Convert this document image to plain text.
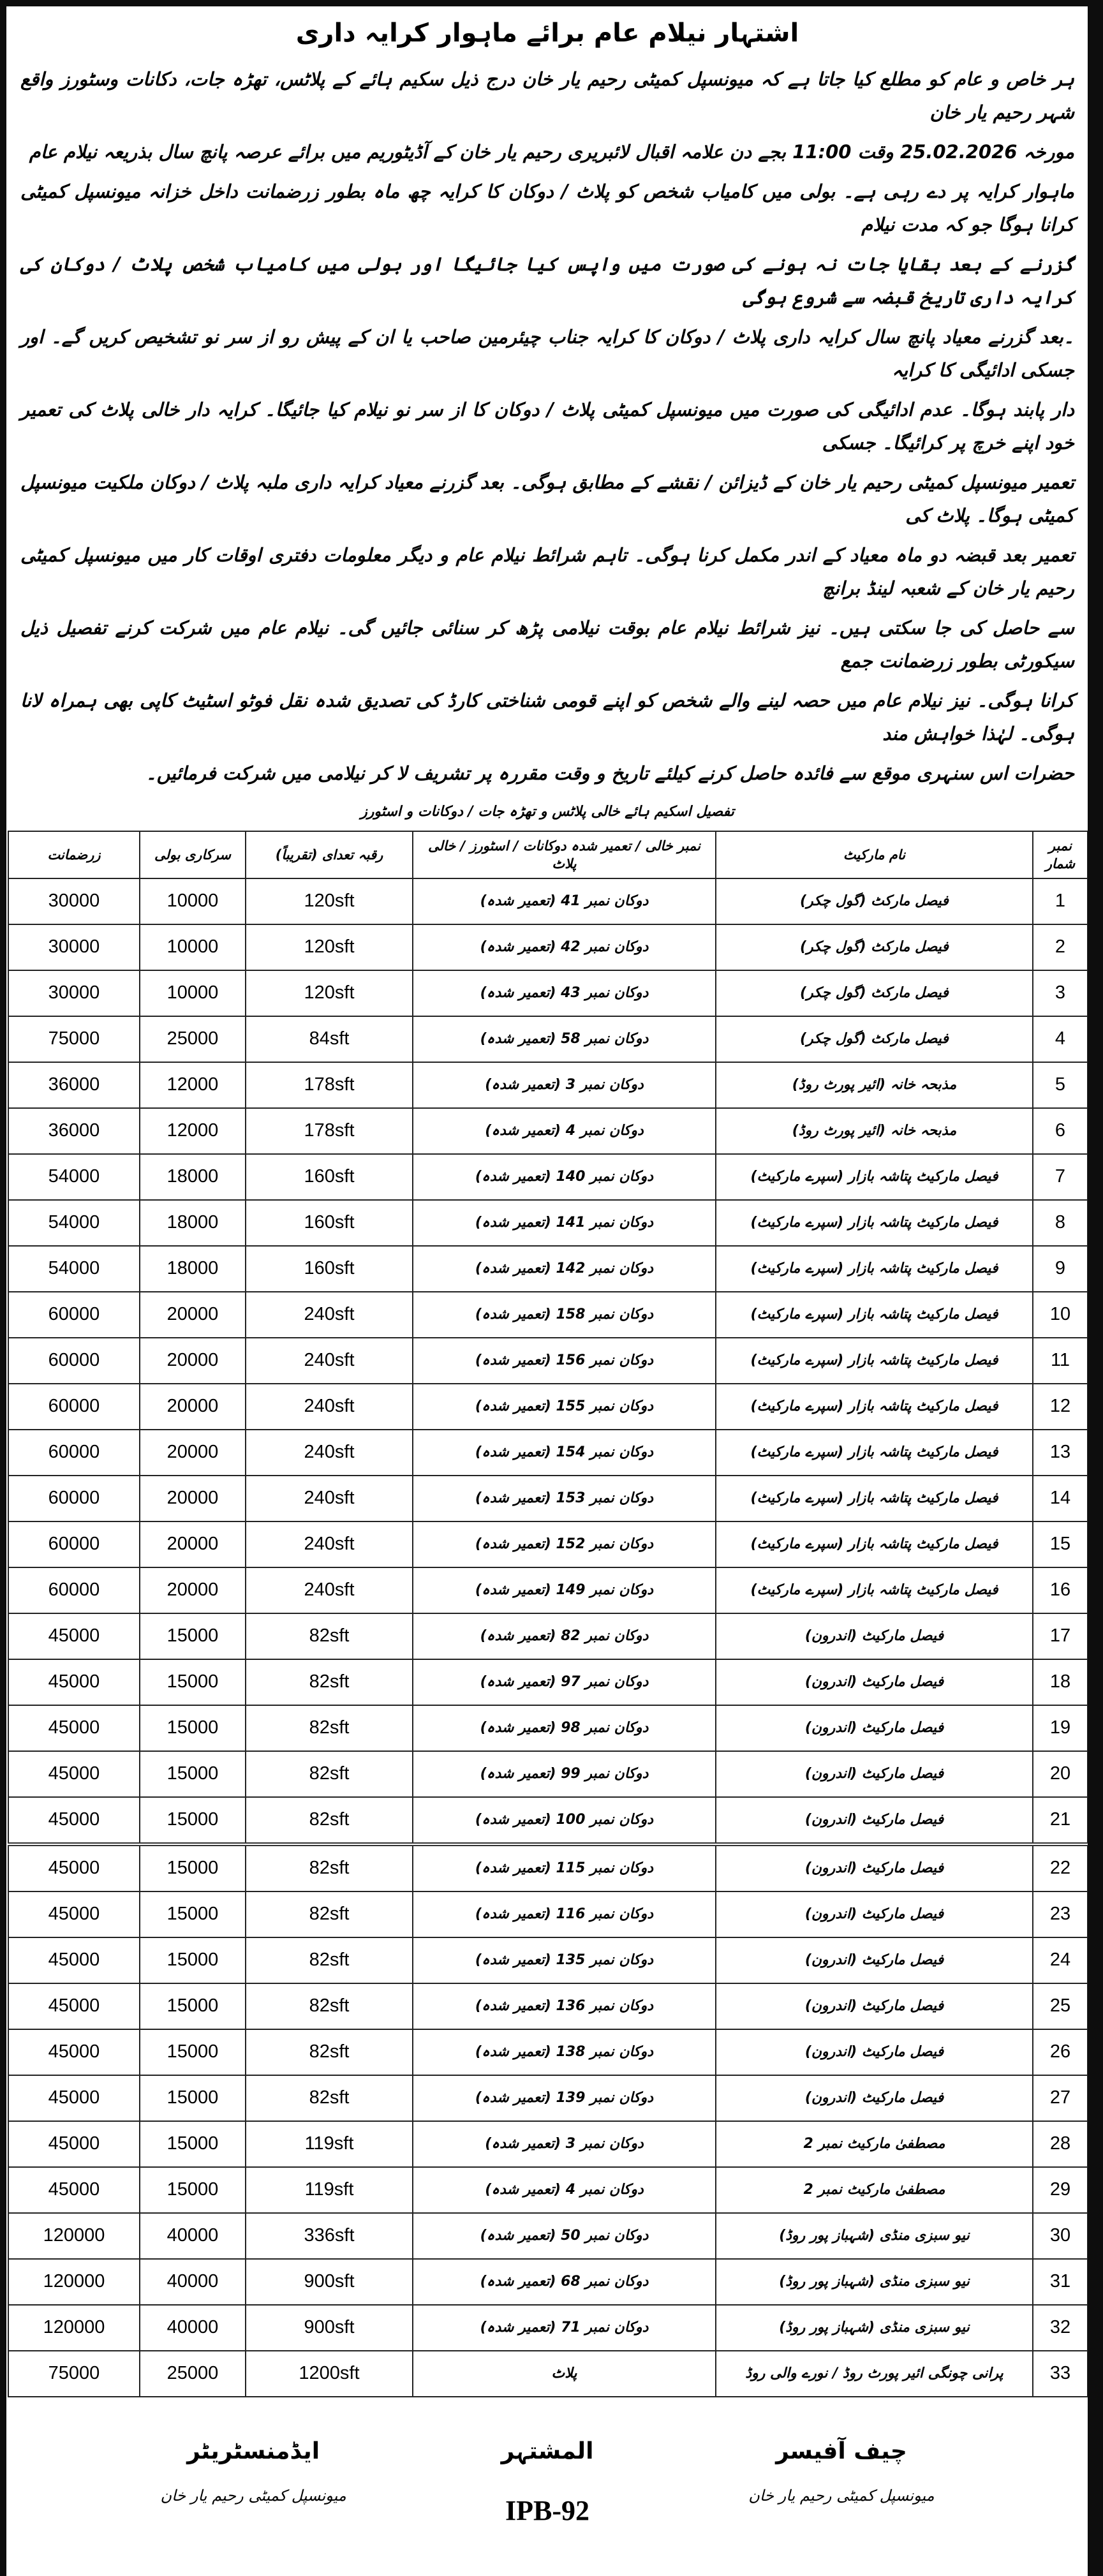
اشتہار نیلام عام برائے ماہوار کرایہ داری
ہر خاص و عام کو مطلع کیا جاتا ہے کہ میونسپل کمیٹی رحیم یار خان درج ذیل سکیم ہائے کے پلاٹس، تھڑہ جات، دکانات وسٹورز واقع شہر رحیم یار خان
مورخہ 25.02.2026 وقت 11:00 بجے دن علامہ اقبال لائبریری رحیم یار خان کے آڈیٹوریم میں برائے عرصہ پانچ سال بذریعہ نیلام عام
ماہوار کرایہ پر دے رہی ہے۔ بولی میں کامیاب شخص کو پلاٹ / دوکان کا کرایہ چھ ماہ بطور زرضمانت داخل خزانہ میونسپل کمیٹی کرانا ہوگا جو کہ مدت نیلام
گزرنے کے بعد بقایا جات نہ ہونے کی صورت میں واپس کیا جائیگا اور بولی میں کامیاب شخص پلاٹ / دوکان کی کرایہ داری تاریخ قبضہ سے شروع ہوگی
۔بعد گزرنے معیاد پانچ سال کرایہ داری پلاٹ / دوکان کا کرایہ جناب چیئرمین صاحب یا ان کے پیش رو از سر نو تشخیص کریں گے۔ اور جسکی ادائیگی کا کرایہ
دار پابند ہوگا۔ عدم ادائیگی کی صورت میں میونسپل کمیٹی پلاٹ / دوکان کا از سر نو نیلام کیا جائیگا۔ کرایہ دار خالی پلاٹ کی تعمیر خود اپنے خرچ پر کرائیگا۔ جسکی
تعمیر میونسپل کمیٹی رحیم یار خان کے ڈیزائن / نقشے کے مطابق ہوگی۔ بعد گزرنے معیاد کرایہ داری ملبہ پلاٹ / دوکان ملکیت میونسپل کمیٹی ہوگا۔ پلاٹ کی
تعمیر بعد قبضہ دو ماہ معیاد کے اندر مکمل کرنا ہوگی۔ تاہم شرائط نیلام عام و دیگر معلومات دفتری اوقات کار میں میونسپل کمیٹی رحیم یار خان کے شعبہ لینڈ برانچ
سے حاصل کی جا سکتی ہیں۔ نیز شرائط نیلام عام بوقت نیلامی پڑھ کر سنائی جائیں گی۔ نیلام عام میں شرکت کرنے تفصیل ذیل سیکورٹی بطور زرضمانت جمع
کرانا ہوگی۔ نیز نیلام عام میں حصہ لینے والے شخص کو اپنے قومی شناختی کارڈ کی تصدیق شدہ نقل فوٹو اسٹیٹ کاپی بھی ہمراہ لانا ہوگی۔ لہٰذا خواہش مند
حضرات اس سنہری موقع سے فائدہ حاصل کرنے کیلئے تاریخ و وقت مقررہ پر تشریف لا کر نیلامی میں شرکت فرمائیں۔
تفصیل اسکیم ہائے خالی پلاٹس و تھڑہ جات / دوکانات و اسٹورز
نمبر شمار	نام مارکیٹ	نمبر خالی / تعمیر شدہ دوکانات / اسٹورز / خالی پلاٹ	رقبہ تعدای (تقریباً)	سرکاری بولی	زرضمانت
1	فیصل مارکٹ (گول چکر)	دوکان نمبر 41 (تعمیر شدہ)	120sft	10000	30000
2	فیصل مارکٹ (گول چکر)	دوکان نمبر 42 (تعمیر شدہ)	120sft	10000	30000
3	فیصل مارکٹ (گول چکر)	دوکان نمبر 43 (تعمیر شدہ)	120sft	10000	30000
4	فیصل مارکٹ (گول چکر)	دوکان نمبر 58 (تعمیر شدہ)	84sft	25000	75000
5	مذبحہ خانہ (ائیر پورٹ روڈ)	دوکان نمبر 3 (تعمیر شدہ)	178sft	12000	36000
6	مذبحہ خانہ (ائیر پورٹ روڈ)	دوکان نمبر 4 (تعمیر شدہ)	178sft	12000	36000
7	فیصل مارکیٹ پتاشہ بازار (سپرے مارکیٹ)	دوکان نمبر 140 (تعمیر شدہ)	160sft	18000	54000
8	فیصل مارکیٹ پتاشہ بازار (سپرے مارکیٹ)	دوکان نمبر 141 (تعمیر شدہ)	160sft	18000	54000
9	فیصل مارکیٹ پتاشہ بازار (سپرے مارکیٹ)	دوکان نمبر 142 (تعمیر شدہ)	160sft	18000	54000
10	فیصل مارکیٹ پتاشہ بازار (سپرے مارکیٹ)	دوکان نمبر 158 (تعمیر شدہ)	240sft	20000	60000
11	فیصل مارکیٹ پتاشہ بازار (سپرے مارکیٹ)	دوکان نمبر 156 (تعمیر شدہ)	240sft	20000	60000
12	فیصل مارکیٹ پتاشہ بازار (سپرے مارکیٹ)	دوکان نمبر 155 (تعمیر شدہ)	240sft	20000	60000
13	فیصل مارکیٹ پتاشہ بازار (سپرے مارکیٹ)	دوکان نمبر 154 (تعمیر شدہ)	240sft	20000	60000
14	فیصل مارکیٹ پتاشہ بازار (سپرے مارکیٹ)	دوکان نمبر 153 (تعمیر شدہ)	240sft	20000	60000
15	فیصل مارکیٹ پتاشہ بازار (سپرے مارکیٹ)	دوکان نمبر 152 (تعمیر شدہ)	240sft	20000	60000
16	فیصل مارکیٹ پتاشہ بازار (سپرے مارکیٹ)	دوکان نمبر 149 (تعمیر شدہ)	240sft	20000	60000
17	فیصل مارکیٹ (اندرون)	دوکان نمبر 82 (تعمیر شدہ)	82sft	15000	45000
18	فیصل مارکیٹ (اندرون)	دوکان نمبر 97 (تعمیر شدہ)	82sft	15000	45000
19	فیصل مارکیٹ (اندرون)	دوکان نمبر 98 (تعمیر شدہ)	82sft	15000	45000
20	فیصل مارکیٹ (اندرون)	دوکان نمبر 99 (تعمیر شدہ)	82sft	15000	45000
21	فیصل مارکیٹ (اندرون)	دوکان نمبر 100 (تعمیر شدہ)	82sft	15000	45000
22	فیصل مارکیٹ (اندرون)	دوکان نمبر 115 (تعمیر شدہ)	82sft	15000	45000
23	فیصل مارکیٹ (اندرون)	دوکان نمبر 116 (تعمیر شدہ)	82sft	15000	45000
24	فیصل مارکیٹ (اندرون)	دوکان نمبر 135 (تعمیر شدہ)	82sft	15000	45000
25	فیصل مارکیٹ (اندرون)	دوکان نمبر 136 (تعمیر شدہ)	82sft	15000	45000
26	فیصل مارکیٹ (اندرون)	دوکان نمبر 138 (تعمیر شدہ)	82sft	15000	45000
27	فیصل مارکیٹ (اندرون)	دوکان نمبر 139 (تعمیر شدہ)	82sft	15000	45000
28	مصطفیٰ مارکیٹ نمبر 2	دوکان نمبر 3 (تعمیر شدہ)	119sft	15000	45000
29	مصطفیٰ مارکیٹ نمبر 2	دوکان نمبر 4 (تعمیر شدہ)	119sft	15000	45000
30	نیو سبزی منڈی (شہباز پور روڈ)	دوکان نمبر 50 (تعمیر شدہ)	336sft	40000	120000
31	نیو سبزی منڈی (شہباز پور روڈ)	دوکان نمبر 68 (تعمیر شدہ)	900sft	40000	120000
32	نیو سبزی منڈی (شہباز پور روڈ)	دوکان نمبر 71 (تعمیر شدہ)	900sft	40000	120000
33	پرانی چونگی ائیر پورٹ روڈ / نورے والی روڈ	پلاٹ	1200sft	25000	75000
چیف آفیسر
میونسپل کمیٹی رحیم یار خان
المشتہر
IPB-92
ایڈمنسٹریٹر
میونسپل کمیٹی رحیم یار خان
